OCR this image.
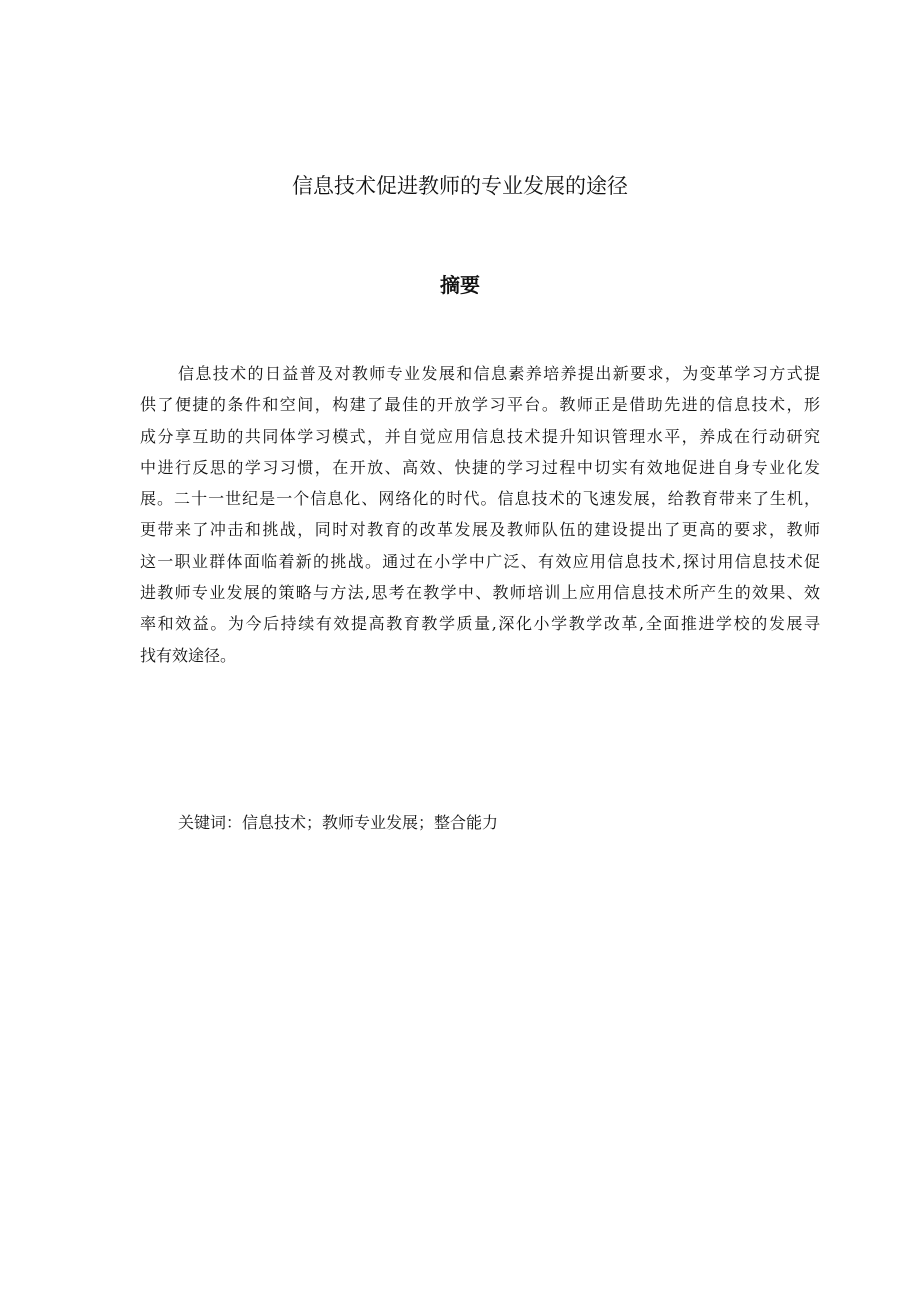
信息技术促进教师的专业发展的途径
摘要
信息技术的日益普及对教师专业发展和信息素养培养提出新要求，为变革学习方式提
供了便捷的条件和空间，构建了最佳的开放学习平台。教师正是借助先进的信息技术，形
成分享互助的共同体学习模式，并自觉应用信息技术提升知识管理水平，养成在行动研究
中进行反思的学习习惯，在开放、高效、快捷的学习过程中切实有效地促进自身专业化发
展。二十一世纪是一个信息化、网络化的时代。信息技术的飞速发展，给教育带来了生机，
更带来了冲击和挑战，同时对教育的改革发展及教师队伍的建设提出了更高的要求，教师
这一职业群体面临着新的挑战。通过在小学中广泛、有效应用信息技术,探讨用信息技术促
进教师专业发展的策略与方法,思考在教学中、教师培训上应用信息技术所产生的效果、效
率和效益。为今后持续有效提高教育教学质量,深化小学教学改革,全面推进学校的发展寻
找有效途径。

关键词：信息技术；教师专业发展；整合能力
